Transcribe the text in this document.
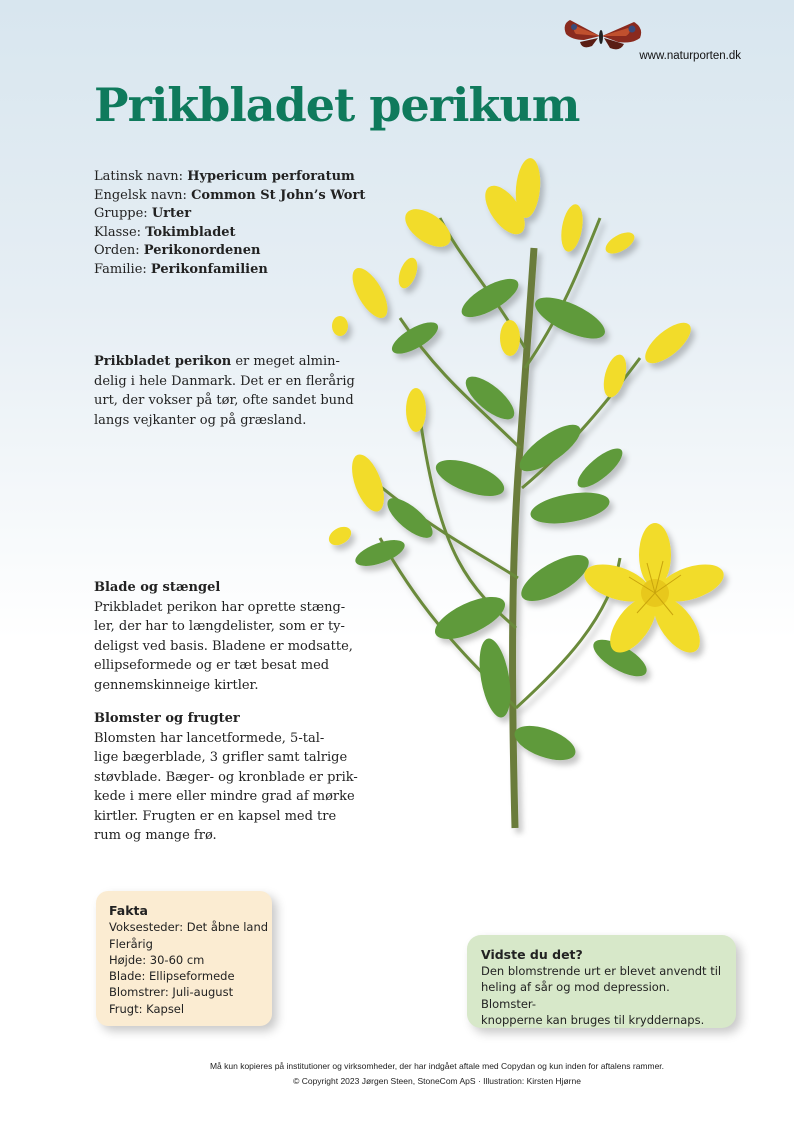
www.naturporten.dk
Prikbladet perikum
Latinsk navn: Hypericum perforatum
Engelsk navn: Common St John’s Wort
Gruppe: Urter
Klasse: Tokimbladet
Orden: Perikonordenen
Familie: Perikonfamilien
Prikbladet perikon er meget almin-
delig i hele Danmark. Det er en flerårig
urt, der vokser på tør, ofte sandet bund
langs vejkanter og på græsland.
Blade og stængel
Prikbladet perikon har oprette stæng-
ler, der har to længdelister, som er ty-
deligst ved basis. Bladene er modsatte,
ellipseformede og er tæt besat med
gennemskinneige kirtler.
Blomster og frugter
Blomsten har lancetformede, 5-tal-
lige bægerblade, 3 grifler samt talrige
støvblade. Bæger- og kronblade er prik-
kede i mere eller mindre grad af mørke
kirtler. Frugten er en kapsel med tre
rum og mange frø.
Fakta
Voksesteder: Det åbne land
Flerårig
Højde: 30-60 cm
Blade: Ellipseformede
Blomstrer: Juli-august
Frugt: Kapsel
Vidste du det?
Den blomstrende urt er blevet anvendt til
heling af sår og mod depression. Blomster-
knopperne kan bruges til kryddernaps.
Må kun kopieres på institutioner og virksomheder, der har indgået aftale med Copydan og kun inden for aftalens rammer.
© Copyright 2023 Jørgen Steen, StoneCom ApS · Illustration: Kirsten Hjørne
